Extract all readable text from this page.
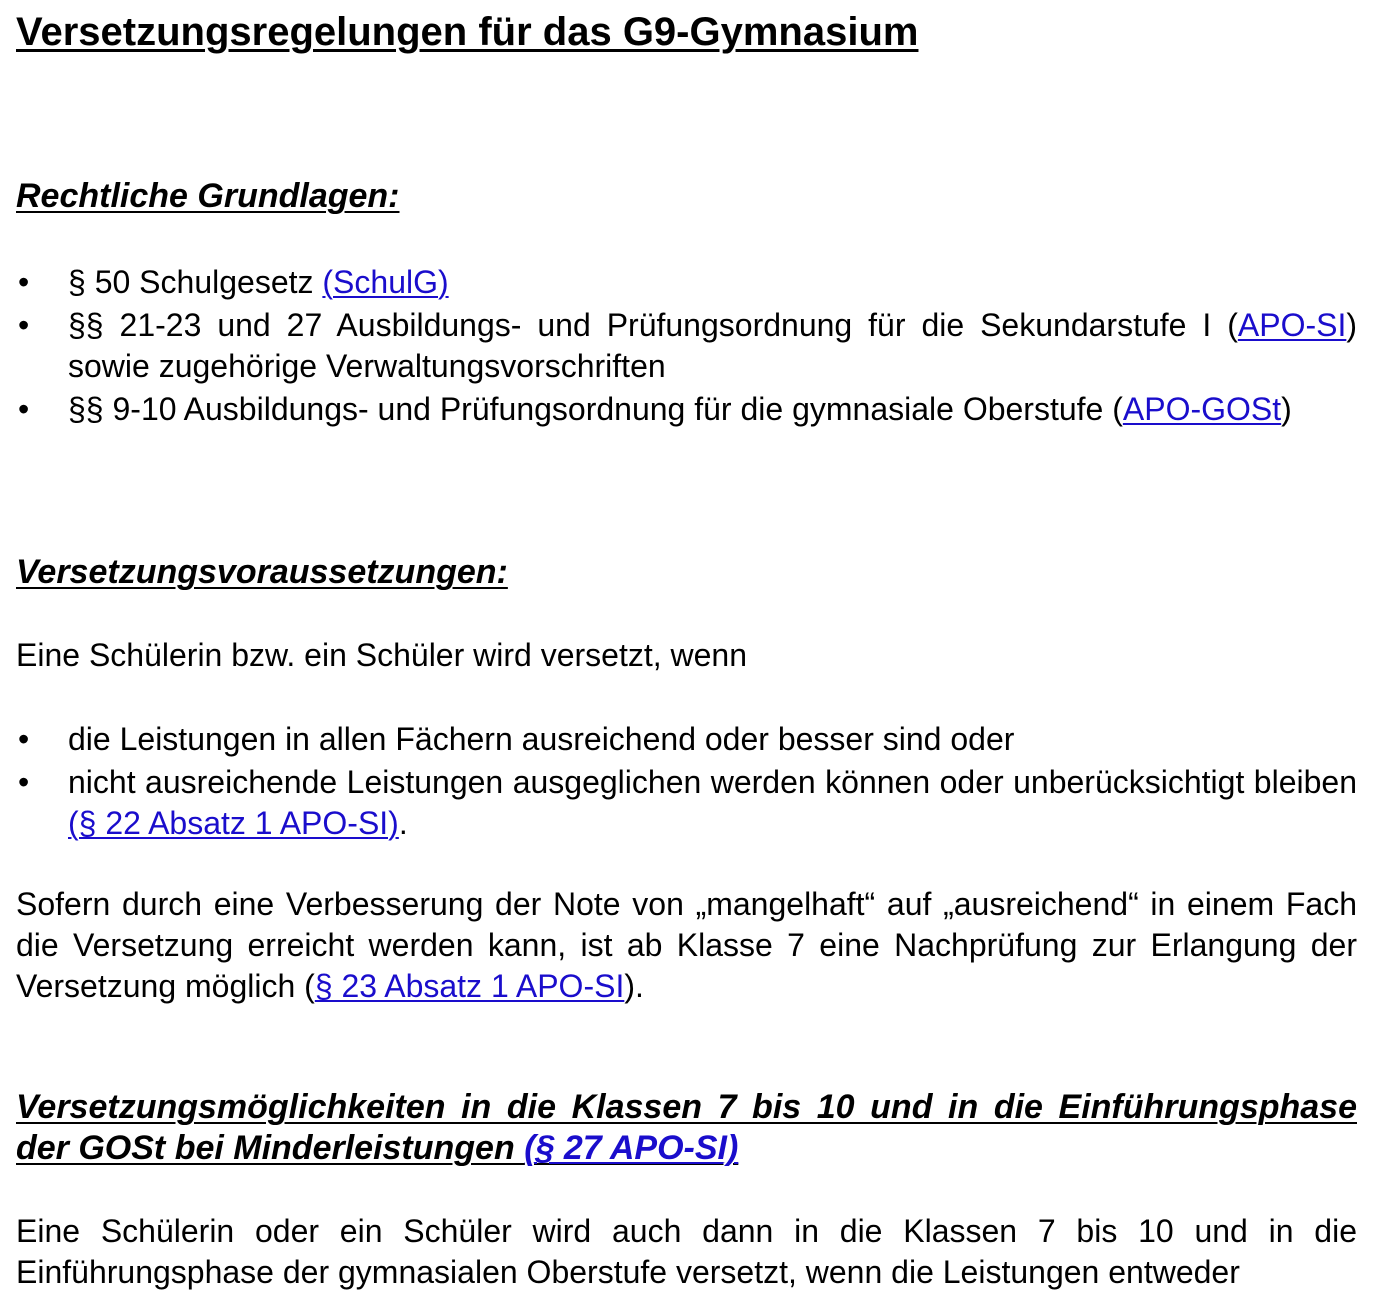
Versetzungsregelungen für das G9-Gymnasium
Rechtliche Grundlagen:
• § 50 Schulgesetz (SchulG)
• §§ 21-23 und 27 Ausbildungs- und Prüfungsordnung für die Sekundarstufe I (APO-SI) sowie zugehörige Verwaltungsvorschriften
• §§ 9-10 Ausbildungs- und Prüfungsordnung für die gymnasiale Oberstufe (APO-GOSt)
Versetzungsvoraussetzungen:

Eine Schülerin bzw. ein Schüler wird versetzt, wenn

• die Leistungen in allen Fächern ausreichend oder besser sind oder
• nicht ausreichende Leistungen ausgeglichen werden können oder unberücksichtigt bleiben (§ 22 Absatz 1 APO-SI).

Sofern durch eine Verbesserung der Note von „mangelhaft“ auf „ausreichend“ in einem Fach die Versetzung erreicht werden kann, ist ab Klasse 7 eine Nachprüfung zur Erlangung der Versetzung möglich (§ 23 Absatz 1 APO-SI).

Versetzungsmöglichkeiten in die Klassen 7 bis 10 und in die Einführungsphase der GOSt bei Minderleistungen (§ 27 APO-SI)

Eine Schülerin oder ein Schüler wird auch dann in die Klassen 7 bis 10 und in die Einführungsphase der gymnasialen Oberstufe versetzt, wenn die Leistungen entweder
